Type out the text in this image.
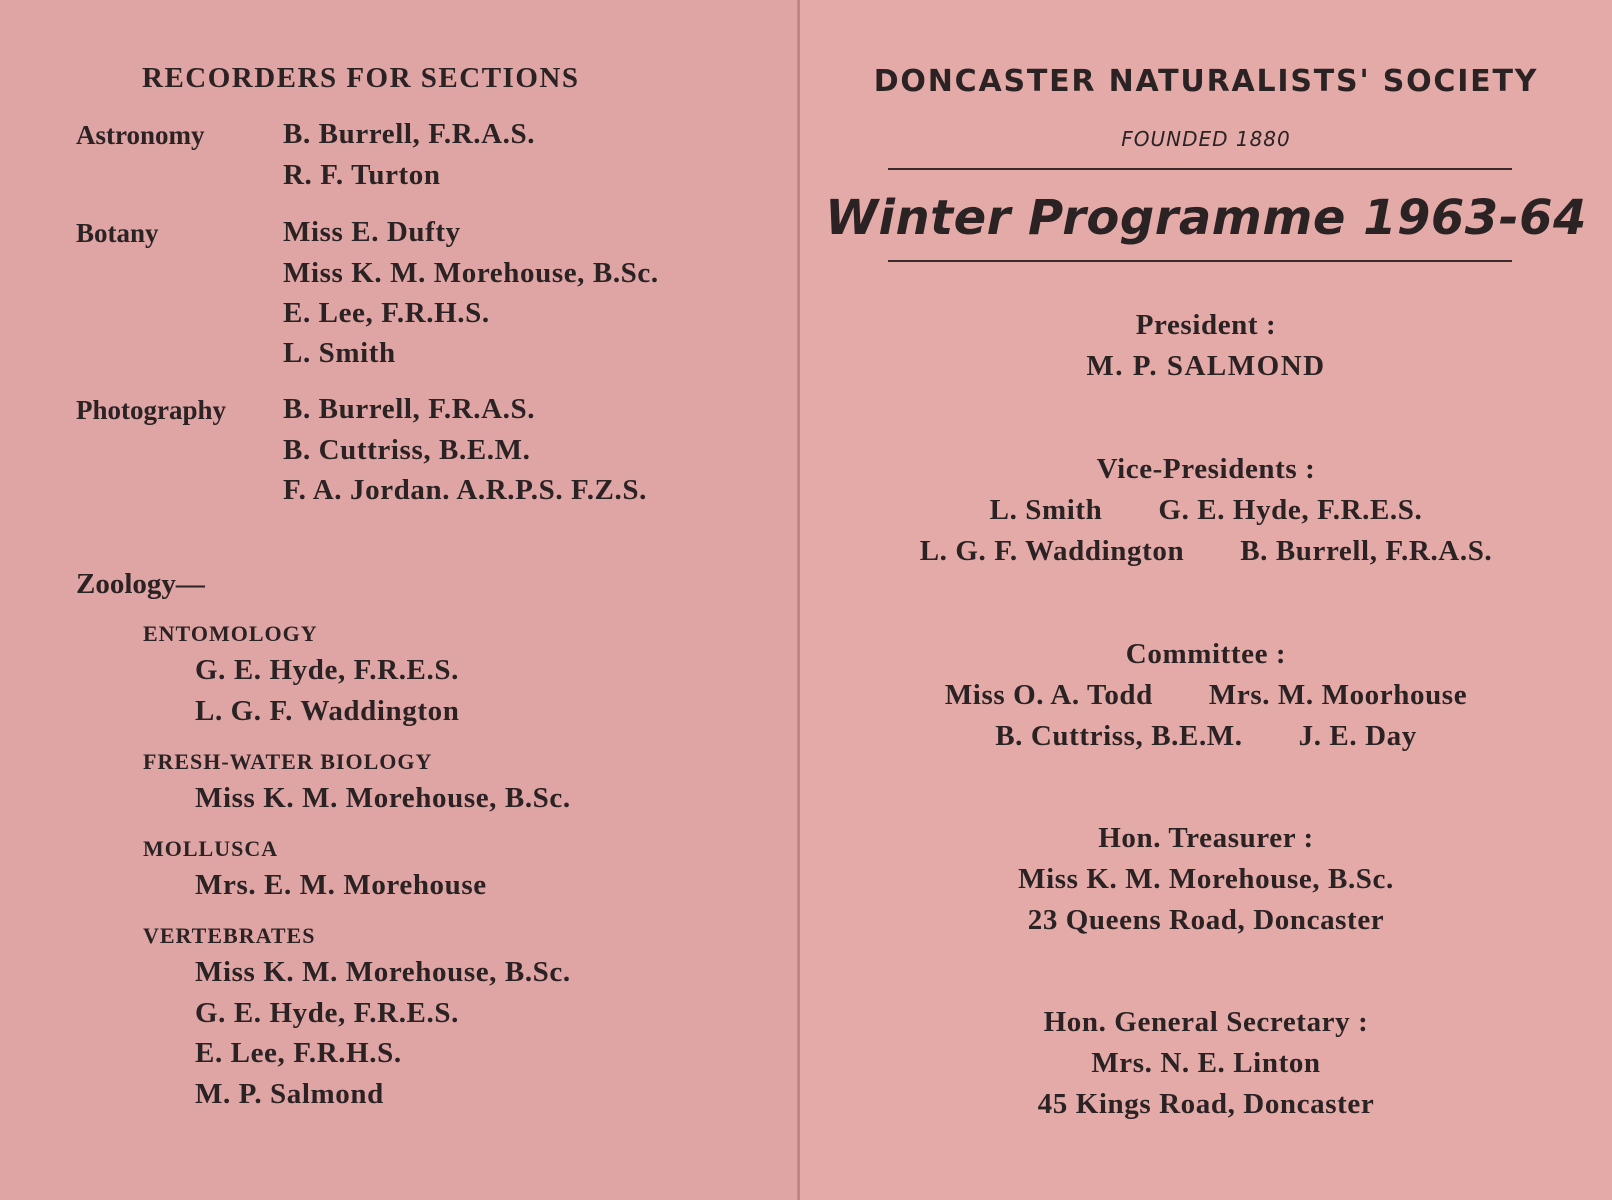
RECORDERS FOR SECTIONS

Astronomy	B. Burrell, F.R.A.S.

R. F. Turton

Botany	Miss E. Dufty

Miss K. M. Morehouse, B.Sc.

E. Lee, F.R.H.S.

L. Smith

Photography B. Burrell, F.R.A.S.

B. Cuttriss, B.E.M.

F. A. Jordan. A.R.P.S. F.Z.S.

Zoology—

ENTOMOLOGY

G. E. Hyde, F.R.E.S.

L. G. F. Waddington

FRESH-WATER BIOLOGY

Miss K. M. Morehouse, B.Sc.

MOLLUSCA

Mrs. E. M. Morehouse

VERTEBRATES

Miss K. M. Morehouse, B.Sc.

G. E. Hyde, F.R.E.S.

E. Lee, F.R.H.S.

M. P. Salmond

DONCASTER NATURALISTS' SOCIETY

FOUNDED 1880

Winter Programme 1963-64

President :

M. P. SALMOND

Vice-Presidents :

L. Smith G. E. Hyde, F.R.E.S.

L. G. F. Waddington B. Burrell, F.R.A.S.

Committee :

Miss O. A. Todd Mrs. M. Moorhouse

B. Cuttriss, B.E.M. J. E. Day

Hon. Treasurer :

Miss K. M. Morehouse, B.Sc.

23 Queens Road, Doncaster

Hon. General Secretary :

Mrs. N. E. Linton

45 Kings Road, Doncaster
